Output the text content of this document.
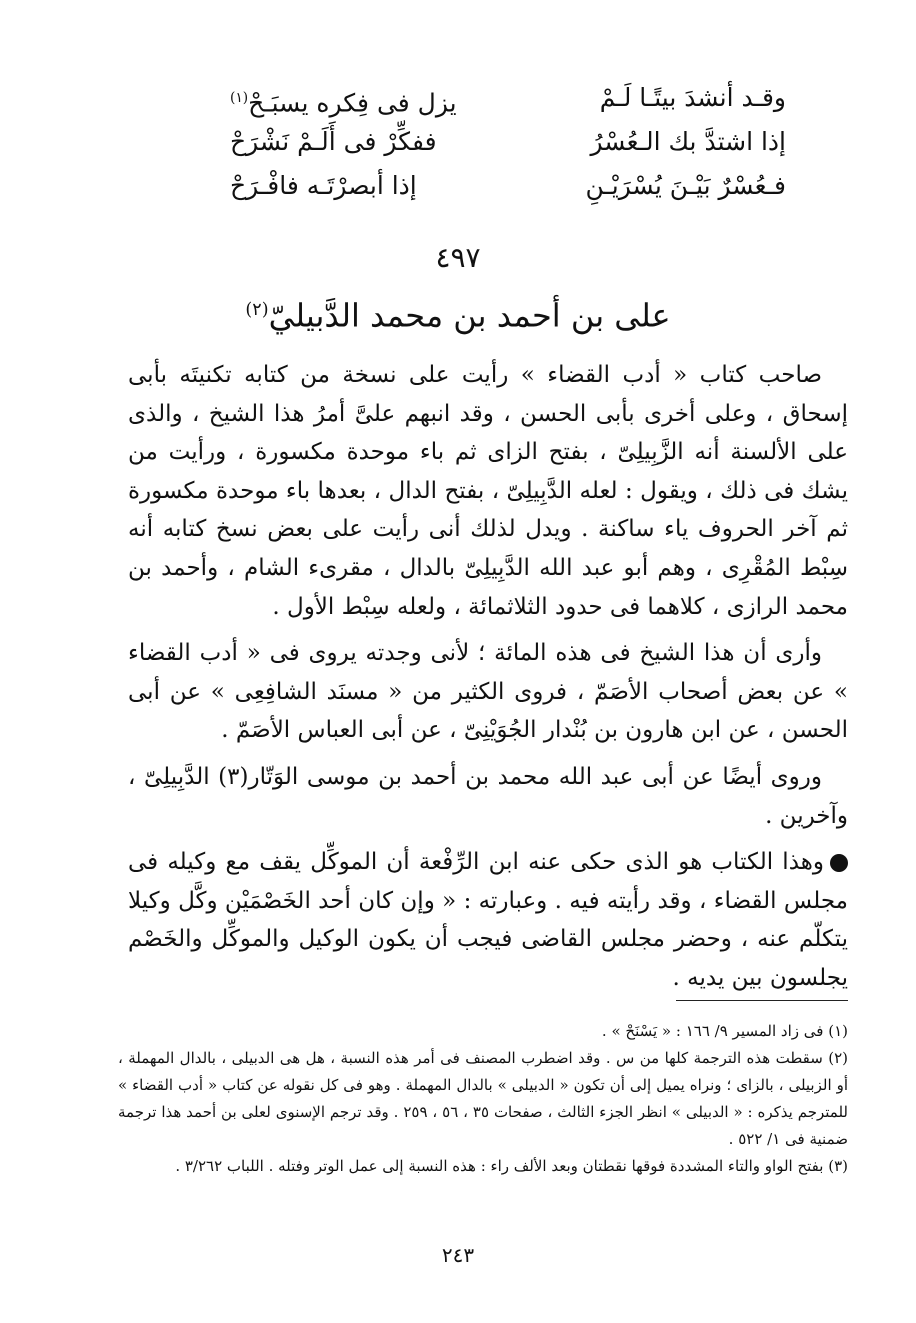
وقـد أنشدَ بيتًـا لَـمْ
يزل فى فِكره يسبَـحْ$^{(١)}$
إذا اشتدَّ بك الـعُسْرُ
ففكِّرْ فى أَلَـمْ نَشْرَحْ
فـعُسْرٌ بَيْـنَ يُسْرَيْـنِ
إذا أبصرْتَـه فافْـرَحْ
٤٩٧
على بن أحمد بن محمد الدَّبيليّ$^{(٢)}$

صاحب كتاب « أدب القضاء » رأيت على نسخة من كتابه تكنيتَه بأبى إسحاق ، وعلى أخرى بأبى الحسن ، وقد انبهم علىَّ أمرُ هذا الشيخ ، والذى على الألسنة أنه الزَّبِيلِىّ ، بفتح الزاى ثم باء موحدة مكسورة ، ورأيت من يشك فى ذلك ، ويقول : لعله الدَّبِيلِىّ ، بفتح الدال ، بعدها باء موحدة مكسورة ثم آخر الحروف ياء ساكنة . ويدل لذلك أنى رأيت على بعض نسخ كتابه أنه سِبْط المُقْرِى ، وهم أبو عبد الله الدَّبِيلِىّ بالدال ، مقرىء الشام ، وأحمد بن محمد الرازى ، كلاهما فى حدود الثلاثمائة ، ولعله سِبْط الأول .

وأرى أن هذا الشيخ فى هذه المائة ؛ لأنى وجدته يروى فى « أدب القضاء » عن بعض أصحاب الأصَمّ ، فروى الكثير من « مسنَد الشافِعِى » عن أبى الحسن ، عن ابن هارون بن بُنْدار الجُوَيْنِىّ ، عن أبى العباس الأصَمّ .

وروى أيضًا عن أبى عبد الله محمد بن أحمد بن موسى الوَتّار(٣) الدَّبِيلِىّ ، وآخرين .

وهذا الكتاب هو الذى حكى عنه ابن الرِّفْعة أن الموكِّل يقف مع وكيله فى مجلس القضاء ، وقد رأيته فيه . وعبارته : « وإن كان أحد الخَصْمَيْن وكَّل وكيلا يتكلّم عنه ، وحضر مجلس القاضى فيجب أن يكون الوكيل والموكِّل والخَصْم يجلسون بين يديه .

(١) فى زاد المسير ٩/ ١٦٦ : « يَسْنَحْ » .

(٢) سقطت هذه الترجمة كلها من س . وقد اضطرب المصنف فى أمر هذه النسبة ، هل هى الدبيلى ، بالدال المهملة ، أو الزبيلى ، بالزاى ؛ ونراه يميل إلى أن تكون « الدبيلى » بالدال المهملة . وهو فى كل نقوله عن كتاب « أدب القضاء » للمترجم يذكره : « الدبيلى » انظر الجزء الثالث ، صفحات ٣٥ ، ٥٦ ، ٢٥٩ . وقد ترجم الإسنوى لعلى بن أحمد هذا ترجمة ضمنية فى ١/ ٥٢٢ .

(٣) بفتح الواو والتاء المشددة فوقها نقطتان وبعد الألف راء : هذه النسبة إلى عمل الوتر وفتله . اللباب ٣/٢٦٢ .

٢٤٣
